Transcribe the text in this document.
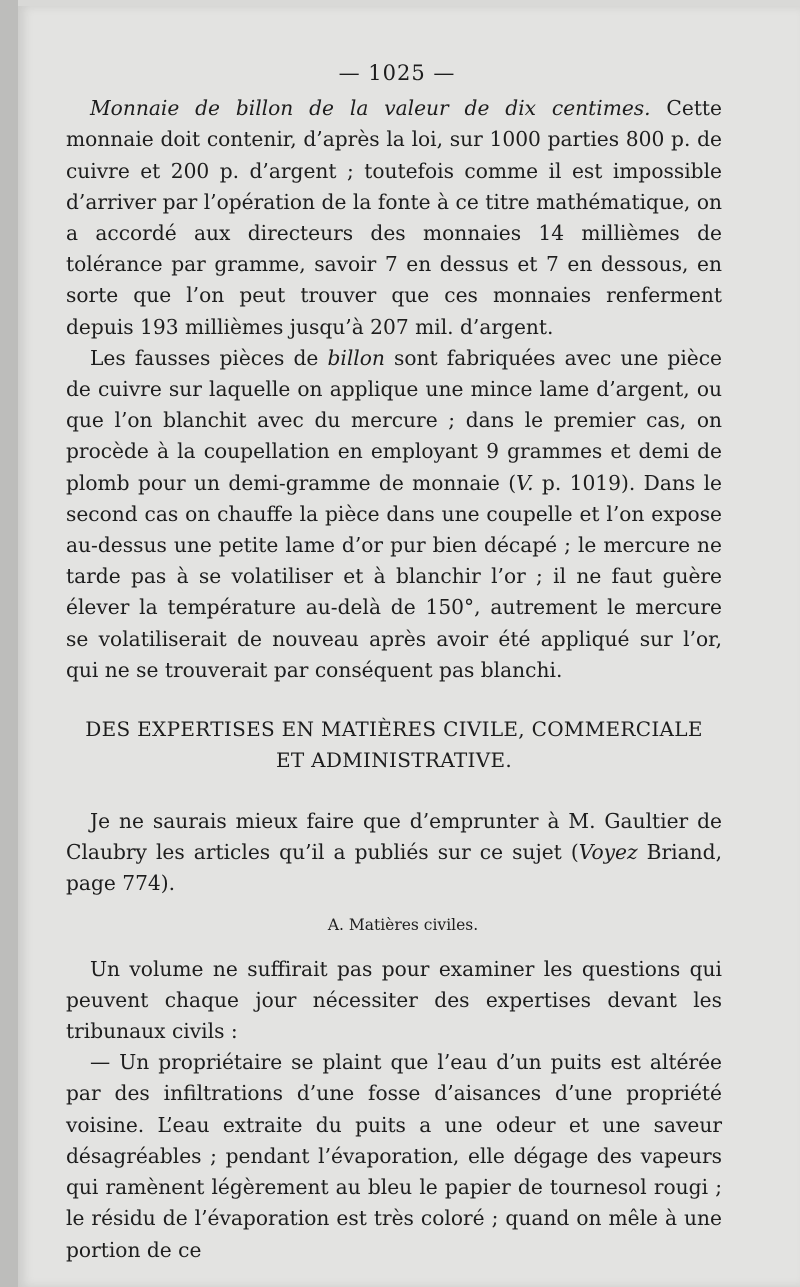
— 1025 —

Monnaie de billon de la valeur de dix centimes. Cette monnaie doit contenir, d’après la loi, sur 1000 parties 800 p. de cuivre et 200 p. d’argent ; toutefois comme il est impossible d’arriver par l’opération de la fonte à ce titre mathématique, on a accordé aux directeurs des monnaies 14 millièmes de tolérance par gramme, savoir 7 en dessus et 7 en dessous, en sorte que l’on peut trouver que ces monnaies renferment depuis 193 millièmes jusqu’à 207 mil. d’argent.

Les fausses pièces de billon sont fabriquées avec une pièce de cuivre sur laquelle on applique une mince lame d’argent, ou que l’on blanchit avec du mercure ; dans le premier cas, on procède à la coupellation en employant 9 grammes et demi de plomb pour un demi-gramme de monnaie (V. p. 1019). Dans le second cas on chauffe la pièce dans une coupelle et l’on expose au-dessus une petite lame d’or pur bien décapé ; le mercure ne tarde pas à se volatiliser et à blanchir l’or ; il ne faut guère élever la température au-delà de 150°, autrement le mercure se volatiliserait de nouveau après avoir été appliqué sur l’or, qui ne se trouverait par conséquent pas blanchi.

DES EXPERTISES EN MATIÈRES CIVILE, COMMERCIALE
ET ADMINISTRATIVE.

Je ne saurais mieux faire que d’emprunter à M. Gaultier de Claubry les articles qu’il a publiés sur ce sujet (Voyez Briand, page 774).

A. Matières civiles.

Un volume ne suffirait pas pour examiner les questions qui peuvent chaque jour nécessiter des expertises devant les tribunaux civils :

— Un propriétaire se plaint que l’eau d’un puits est altérée par des infiltrations d’une fosse d’aisances d’une propriété voisine. L’eau extraite du puits a une odeur et une saveur désagréables ; pendant l’évaporation, elle dégage des vapeurs qui ramènent légèrement au bleu le papier de tournesol rougi ; le résidu de l’évaporation est très coloré ; quand on mêle à une portion de ce
